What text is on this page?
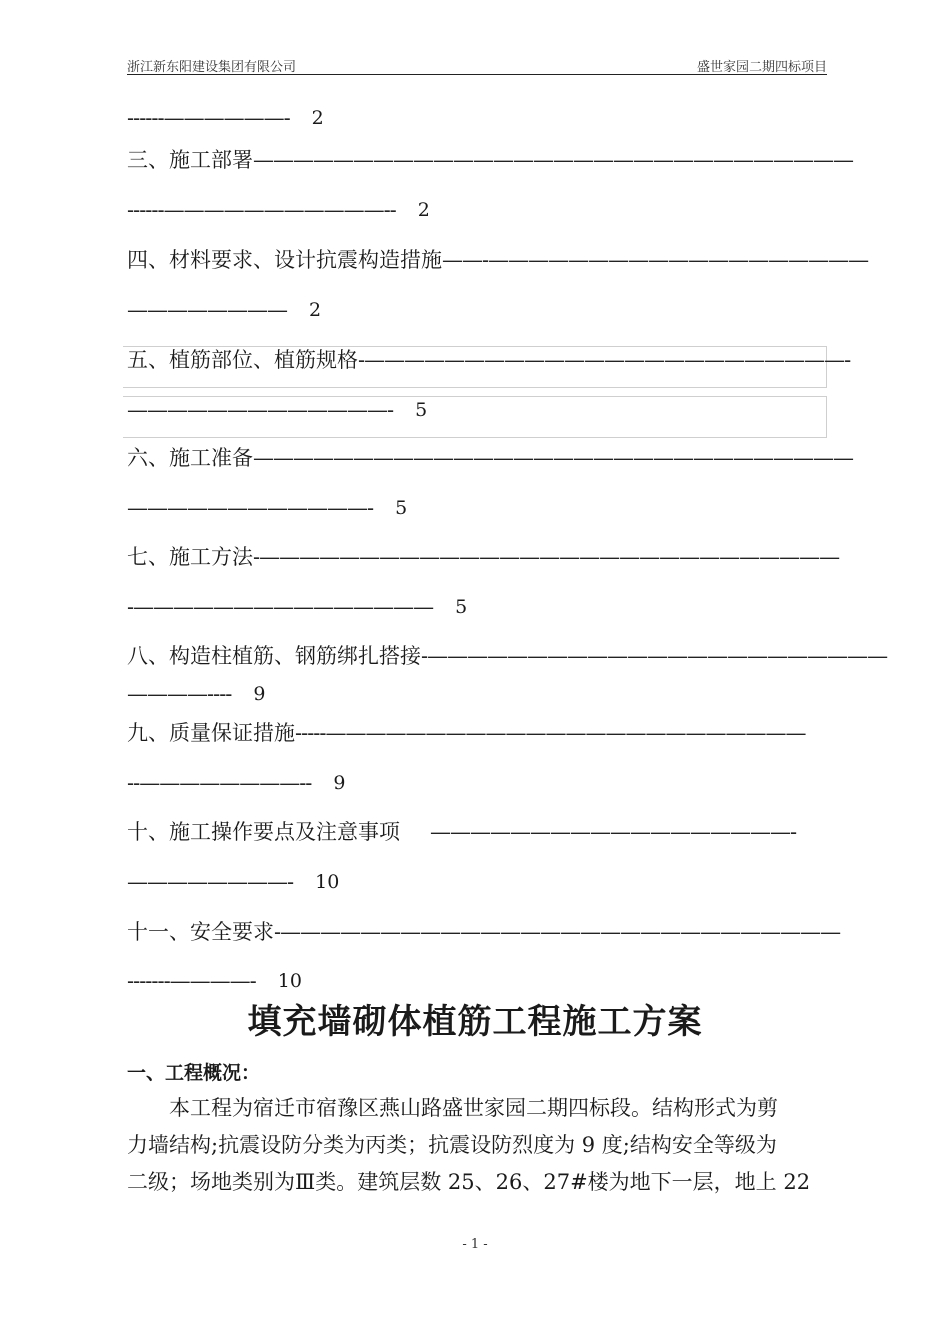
浙江新东阳建设集团有限公司	盛世家园二期四标项目
------——————- 2
三、施工部署——————————————————————————————
------———————————-- 2
四、材料要求、设计抗震构造措施——-———————————————————
———————— 2
五、植筋部位、植筋规格-————————————————————————-
—————————————- 5
六、施工准备——————————————————————————————
————————————- 5
七、施工方法-—————————————————————————————
-——————————————— 5
八、构造柱植筋、钢筋绑扎搭接-———————————————————————
————---- 9
九、质量保证措施-----————————————————————————
--————————-- 9
十、施工操作要点及注意事项 ——————————————————-
————————- 10
十一、安全要求-————————————————————————————
-------————- 10
填充墙砌体植筋工程施工方案
一、工程概况：
　　本工程为宿迁市宿豫区燕山路盛世家园二期四标段。结构形式为剪
力墙结构;抗震设防分类为丙类；抗震设防烈度为 9 度;结构安全等级为
二级；场地类别为Ⅲ类。建筑层数 25、26、27#楼为地下一层，地上 22
- 1 -
